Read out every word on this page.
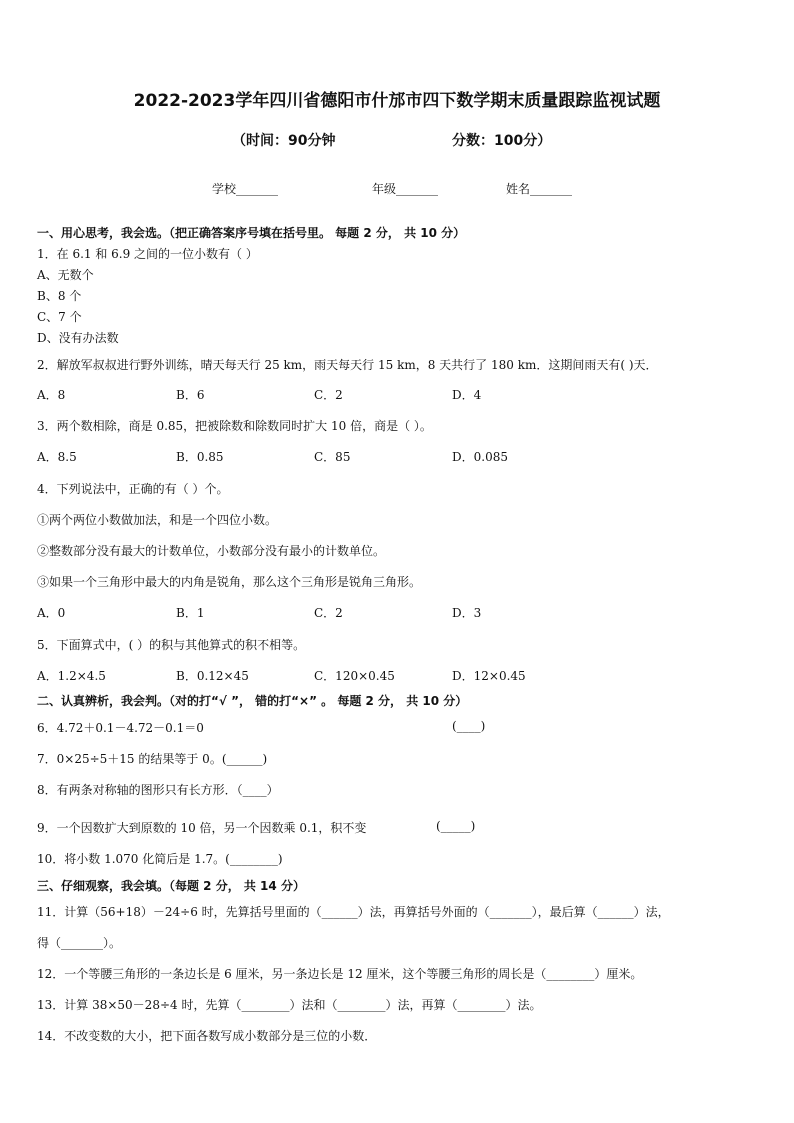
2022-2023学年四川省德阳市什邡市四下数学期末质量跟踪监视试题
（时间：90分钟	分数：100分）
学校_______	年级_______	姓名_______
一、用心思考，我会选。（把正确答案序号填在括号里。 每题 2 分， 共 10 分）
1．在 6.1 和 6.9 之间的一位小数有（ ）
A、无数个
B、8 个
C、7 个
D、没有办法数
2．解放军叔叔进行野外训练，晴天每天行 25 km，雨天每天行 15 km，8 天共行了 180 km．这期间雨天有( )天．
A．8	B．6	C．2	D．4
3．两个数相除，商是 0.85，把被除数和除数同时扩大 10 倍，商是（ ）。
A．8.5	B．0.85	C．85	D．0.085
4．下列说法中，正确的有（ ）个。
①两个两位小数做加法，和是一个四位小数。
②整数部分没有最大的计数单位，小数部分没有最小的计数单位。
③如果一个三角形中最大的内角是锐角，那么这个三角形是锐角三角形。
A．0	B．1	C．2	D．3
5．下面算式中，( ）的积与其他算式的积不相等。
A．1.2×4.5	B．0.12×45	C．120×0.45	D．12×0.45
二、认真辨析，我会判。（对的打“√ ”， 错的打“×” 。 每题 2 分， 共 10 分）
6．4.72＋0.1－4.72－0.1＝0	(____)
7．0×25÷5＋15 的结果等于 0。(______)
8．有两条对称轴的图形只有长方形．（____）
9．一个因数扩大到原数的 10 倍，另一个因数乘 0.1，积不变	(_____)
10．将小数 1.070 化简后是 1.7。(________)
三、仔细观察，我会填。（每题 2 分， 共 14 分）
11．计算（56+18）－24÷6 时，先算括号里面的（______）法，再算括号外面的（_______），最后算（______）法，
得（_______）。
12．一个等腰三角形的一条边长是 6 厘米，另一条边长是 12 厘米，这个等腰三角形的周长是（________）厘米。
13．计算 38×50－28÷4 时，先算（________）法和（________）法，再算（________）法。
14．不改变数的大小，把下面各数写成小数部分是三位的小数．
